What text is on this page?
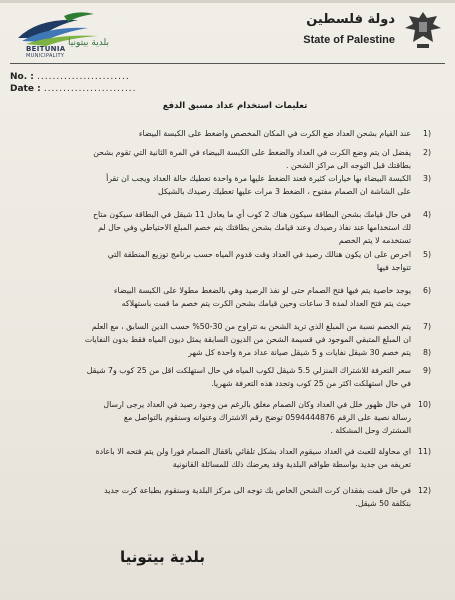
BEITUNIA
MUNICIPALITY
بلدية بيتونيا
دولة فلسطين
State of Palestine
No. : ........................
Date : ........................
تعليمات استخدام عداد مسبق الدفع
1)
عند القيام بشحن العداد ضع الكرت في المكان المخصص واضغط على الكبسة البيضاء
2)
يفضل ان يتم وضع الكرت في العداد والضغط على الكبسة البيضاء في المرة الثانية التي تقوم بشحن
بطاقتك قبل التوجه الى مراكز الشحن .
3)
الكبسة البيضاء بها خيارات كثيرة فعند الضغط عليها مرة واحدة تعطيك حالة العداد ويجب ان تقرأ
على الشاشة ان الصمام مفتوح ، الضغط 3 مرات عليها تعطيك رصيدك بالشيكل
4)
في حال قيامك بشحن البطاقة سيكون هناك 2 كوب أي ما يعادل 11 شيقل في البطاقة سيكون متاح
لك استخدامها عند نفاذ رصيدك وعند قيامك بشحن بطاقتك يتم خصم المبلغ الاحتياطي وفي حال لم
تستخدمه لا يتم الخصم
5)
احرص على ان يكون هنالك رصيد في العداد وقت قدوم المياه حسب برنامج توزيع المنطقة التي
تتواجد فيها
6)
يوجد خاصية يتم فيها فتح الصمام حتى لو نفذ الرصيد وهي بالضغط مطولا على الكبسة البيضاء
حيث يتم فتح العداد لمدة 3 ساعات وحين قيامك بشحن الكرت يتم خصم ما قمت باستهلاكه
7)
يتم الخصم نسبة من المبلغ الذي تريد الشحن به تتراوح من 30-50% حسب الدين السابق ، مع العلم
ان المبلغ المتبقي الموجود في قسيمة الشحن من الديون السابقة يمثل ديون المياه فقط بدون النفايات
8)
يتم خصم 30 شيقل نفايات و 5 شيقل صيانة عداد مرة واحدة كل شهر
9)
سعر التعرفة للاشتراك المنزلي 5.5 شيقل لكوب المياه في حال استهلكت اقل من 25 كوب و7 شيقل
في حال استهلكت اكثر من 25 كوب وتجدد هذه التعرفة شهريا.
10)
في حال ظهور خلل في العداد وكان الصمام مغلق بالرغم من وجود رصيد في العداد يرجى ارسال
رسالة نصية على الرقم 0594444876 توضح رقم الاشتراك وعنوانه وسنقوم بالتواصل مع
المشترك وحل المشكلة .
11)
اي محاولة للعبث في العداد سيقوم العداد بشكل تلقائي باقفال الصمام فورا ولن يتم فتحه الا باعادة
تعريفه من جديد بواسطة طواقم البلدية وقد يعرضك ذلك للمسائلة القانونية
12)
في حال قمت بفقدان كرت الشحن الخاص بك توجه الى مركز البلدية وسنقوم بطباعة كرت جديد
بتكلفة 50 شيقل.
بلدية بيتونيا
